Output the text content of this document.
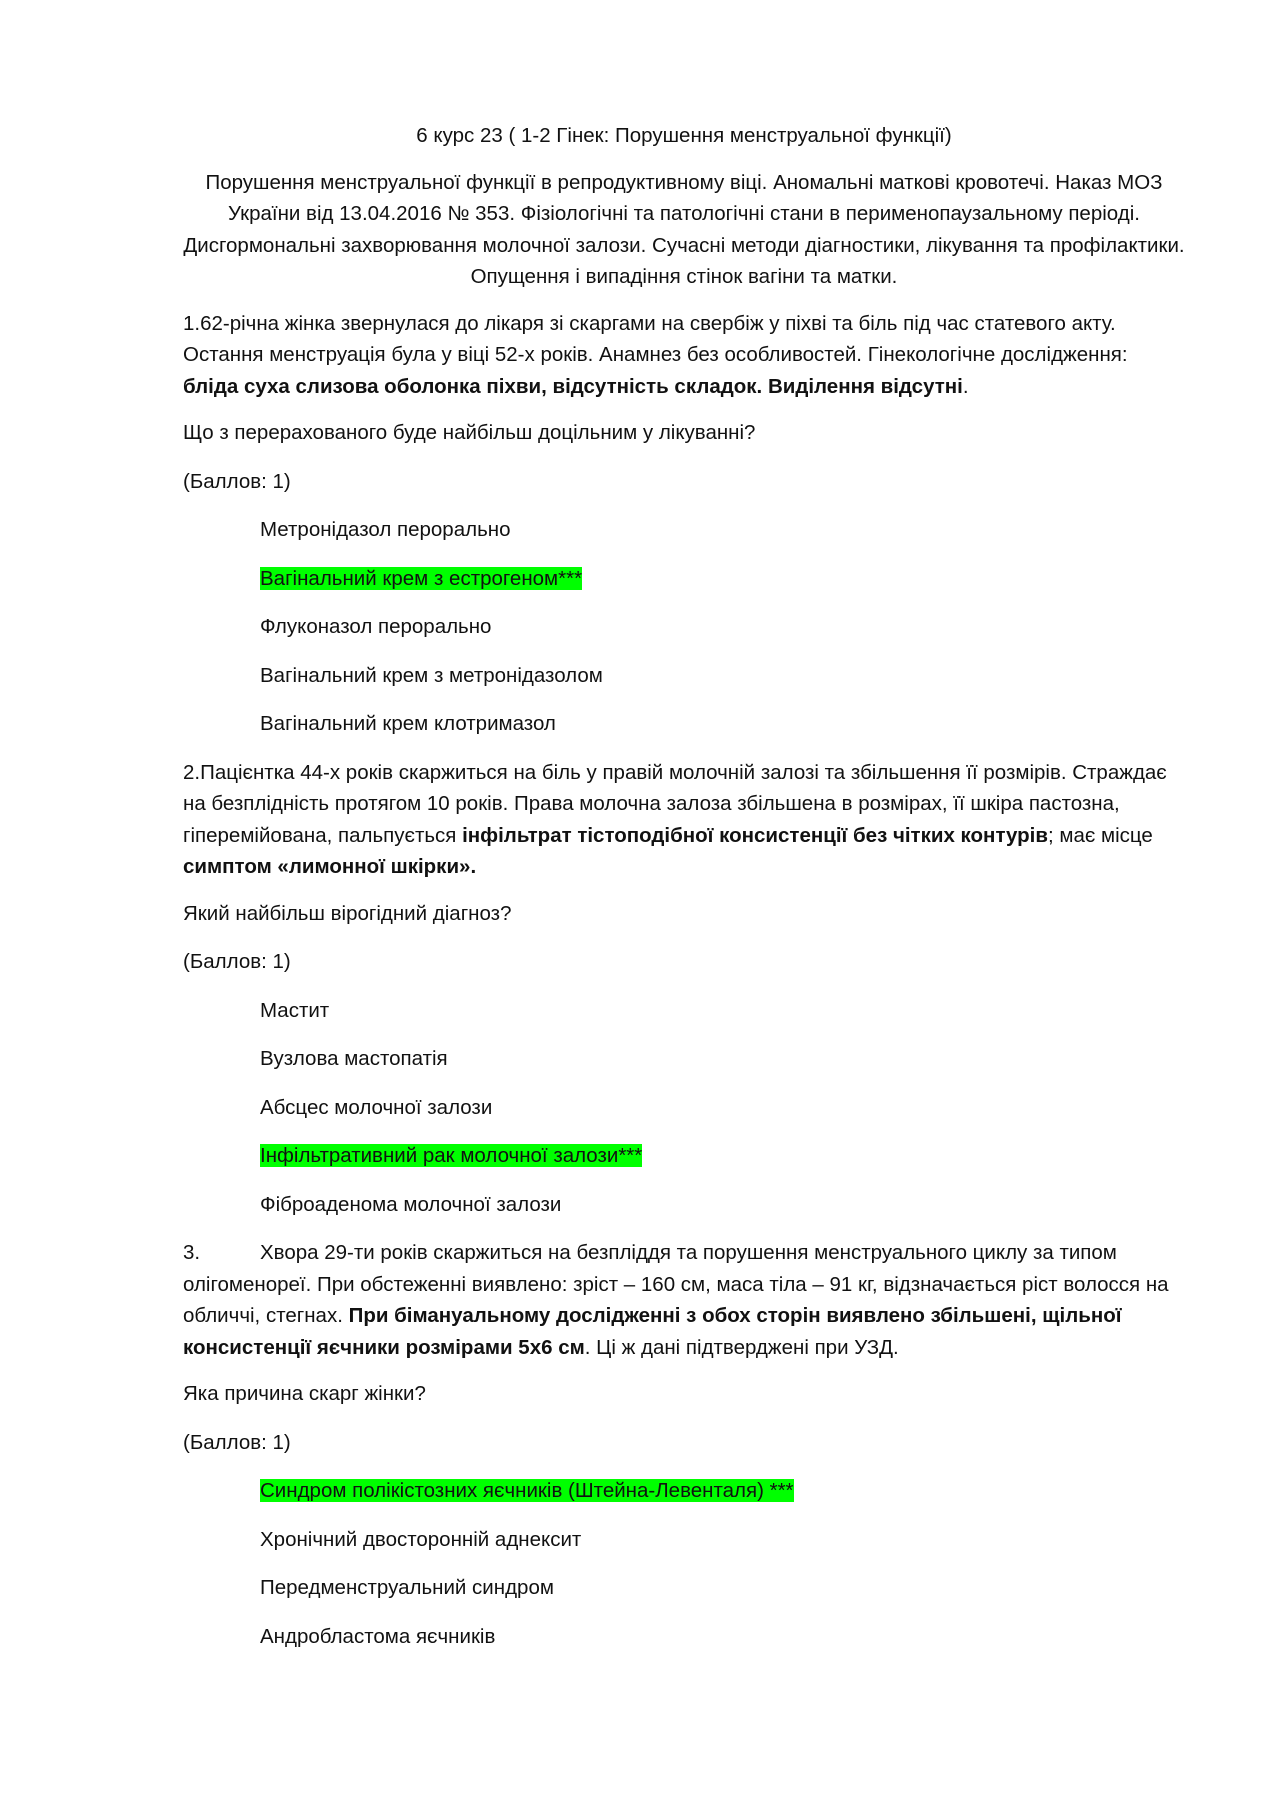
6 курс 23 ( 1-2 Гінек: Порушення менструальної функції)

Порушення менструальної функції в репродуктивному віці. Аномальні маткові кровотечі. Наказ МОЗ України від 13.04.2016 № 353. Фізіологічні та патологічні стани в перименопаузальному періоді. Дисгормональні захворювання молочної залози. Сучасні методи діагностики, лікування та профілактики. Опущення і випадіння стінок вагіни та матки.

1.62-річна жінка звернулася до лікаря зі скаргами на свербіж у піхві та біль під час статевого акту. Остання менструація була у віці 52-х років. Анамнез без особливостей. Гінекологічне дослідження: бліда суха слизова оболонка піхви, відсутність складок. Виділення відсутні.

Що з перерахованого буде найбільш доцільним у лікуванні?

(Баллов: 1)

Метронідазол перорально

Вагінальний крем з естрогеном***

Флуконазол перорально

Вагінальний крем з метронідазолом

Вагінальний крем клотримазол

2.Пацієнтка 44-х років скаржиться на біль у правій молочній залозі та збільшення її розмірів. Страждає на безплідність протягом 10 років. Права молочна залоза збільшена в розмірах, її шкіра пастозна, гіперемійована, пальпується інфільтрат тістоподібної консистенції без чітких контурів; має місце симптом «лимонної шкірки».

Який найбільш вірогідний діагноз?

(Баллов: 1)

Мастит

Вузлова мастопатія

Абсцес молочної залози

Інфільтративний рак молочної залози***

Фіброаденома молочної залози

3.	Хвора 29-ти років скаржиться на безпліддя та порушення менструального циклу за типом олігоменореї. При обстеженні виявлено: зріст – 160 см, маса тіла – 91 кг, відзначається ріст волосся на обличчі, стегнах. При бімануальному дослідженні з обох сторін виявлено збільшені, щільної консистенції яєчники розмірами 5х6 см. Ці ж дані підтверджені при УЗД.

Яка причина скарг жінки?

(Баллов: 1)

Синдром полікістозних яєчників (Штейна-Левенталя) ***

Хронічний двосторонній аднексит

Передменструальний синдром

Андробластома яєчників
